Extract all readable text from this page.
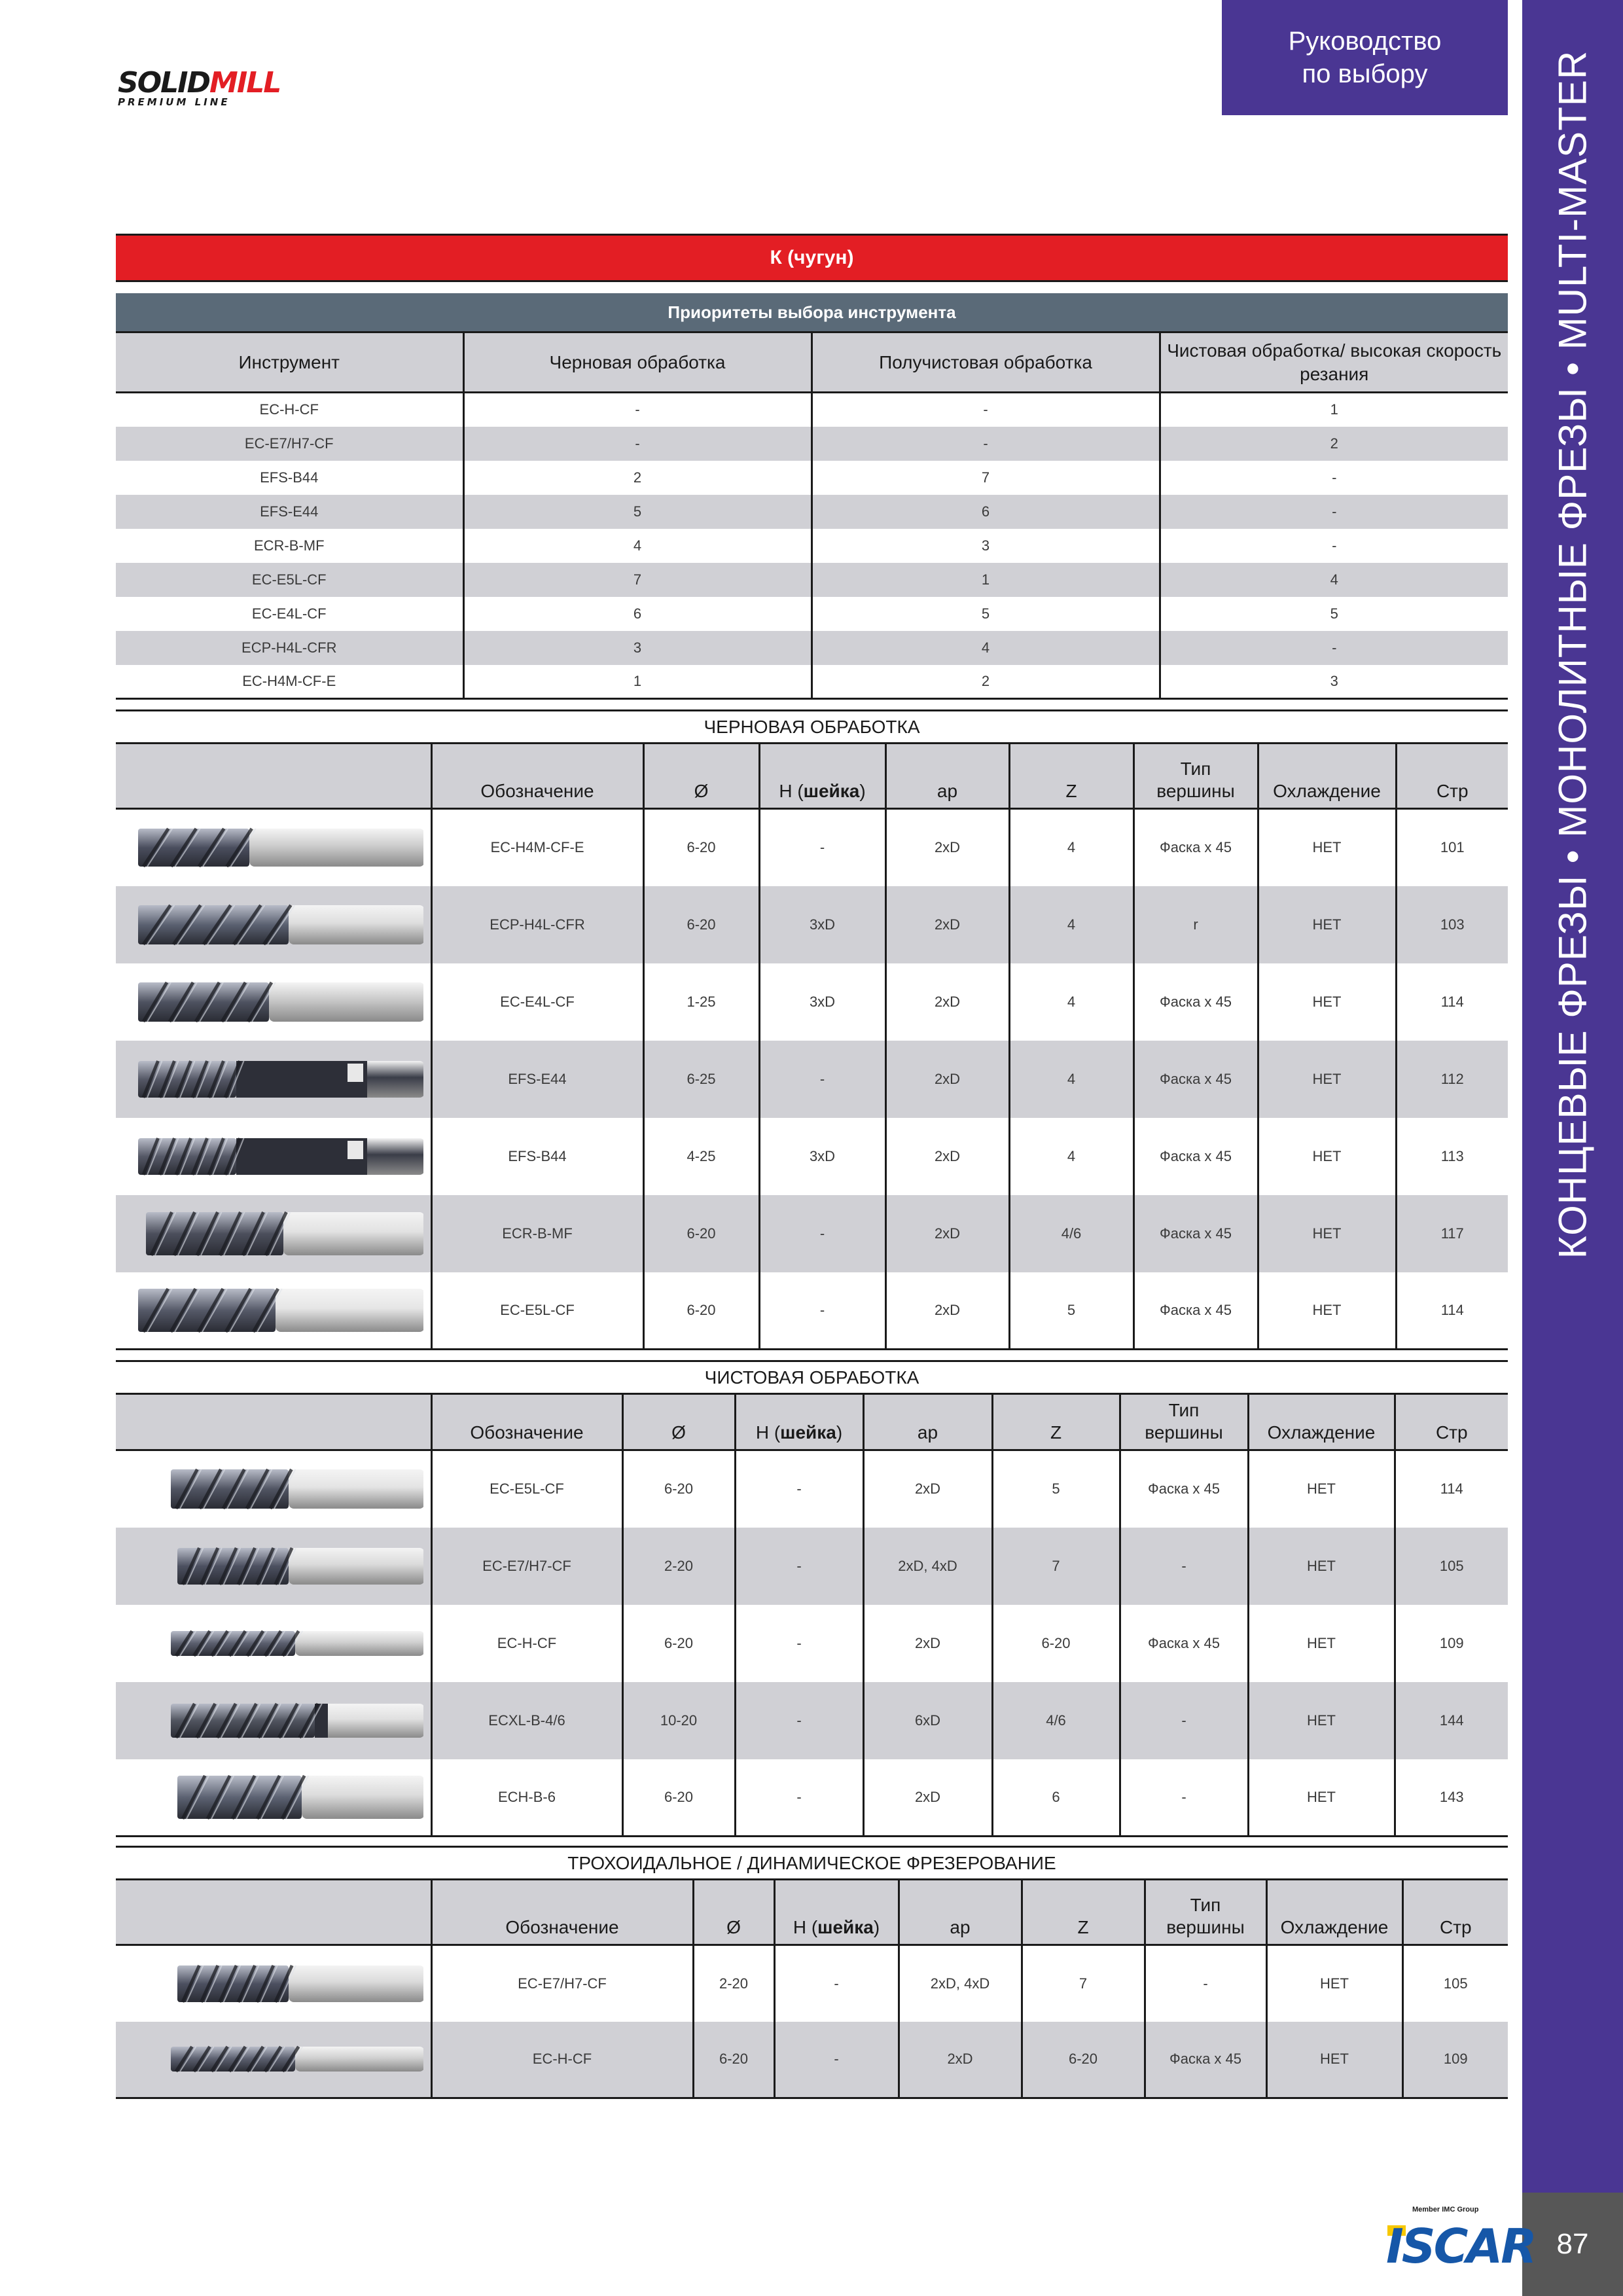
SOLIDMILL
PREMIUM LINE
Руководство
по выбору	КОНЦЕВЫЕ ФРЕЗЫ • МОНОЛИТНЫЕ ФРЕЗЫ • MULTI-MASTER
87
К (чугун)
Приоритеты выбора инструмента
Инструмент	Черновая обработка	Получистовая обработка	Чистовая обработка/ высокая скорость резания
EC-H-CF	-	-	1
EC-E7/H7-CF	-	-	2
EFS-B44	2	7	-
EFS-E44	5	6	-
ECR-B-MF	4	3	-
EC-E5L-CF	7	1	4
EC-E4L-CF	6	5	5
ECP-H4L-CFR	3	4	-
EC-H4M-CF-E	1	2	3
ЧЕРНОВАЯ ОБРАБОТКА
	Обозначение	Ø	H (шейка)	ap	Z	Тип
вершины	Охлаждение	Стр

	EC-H4M-CF-E	6-20	-	2xD	4	Фаска x 45	НЕТ	101

	ECP-H4L-CFR	6-20	3xD	2xD	4	r	НЕТ	103

	EC-E4L-CF	1-25	3xD	2xD	4	Фаска x 45	НЕТ	114

	EFS-E44	6-25	-	2xD	4	Фаска x 45	НЕТ	112

	EFS-B44	4-25	3xD	2xD	4	Фаска x 45	НЕТ	113

	ECR-B-MF	6-20	-	2xD	4/6	Фаска x 45	НЕТ	117

	EC-E5L-CF	6-20	-	2xD	5	Фаска x 45	НЕТ	114
ЧИСТОВАЯ ОБРАБОТКА
	Обозначение	Ø	H (шейка)	ap	Z	Тип
вершины	Охлаждение	Стр

	EC-E5L-CF	6-20	-	2xD	5	Фаска x 45	НЕТ	114

	EC-E7/H7-CF	2-20	-	2xD, 4xD	7	-	НЕТ	105

	EC-H-CF	6-20	-	2xD	6-20	Фаска x 45	НЕТ	109

	ECXL-B-4/6	10-20	-	6xD	4/6	-	НЕТ	144

	ECH-B-6	6-20	-	2xD	6	-	НЕТ	143
ТРОХОИДАЛЬНОЕ / ДИНАМИЧЕСКОЕ ФРЕЗЕРОВАНИЕ
	Обозначение	Ø	H (шейка)	ap	Z	Тип
вершины	Охлаждение	Стр

	EC-E7/H7-CF	2-20	-	2xD, 4xD	7	-	НЕТ	105

	EC-H-CF	6-20	-	2xD	6-20	Фаска x 45	НЕТ	109
Member IMC Group
ISCAR
